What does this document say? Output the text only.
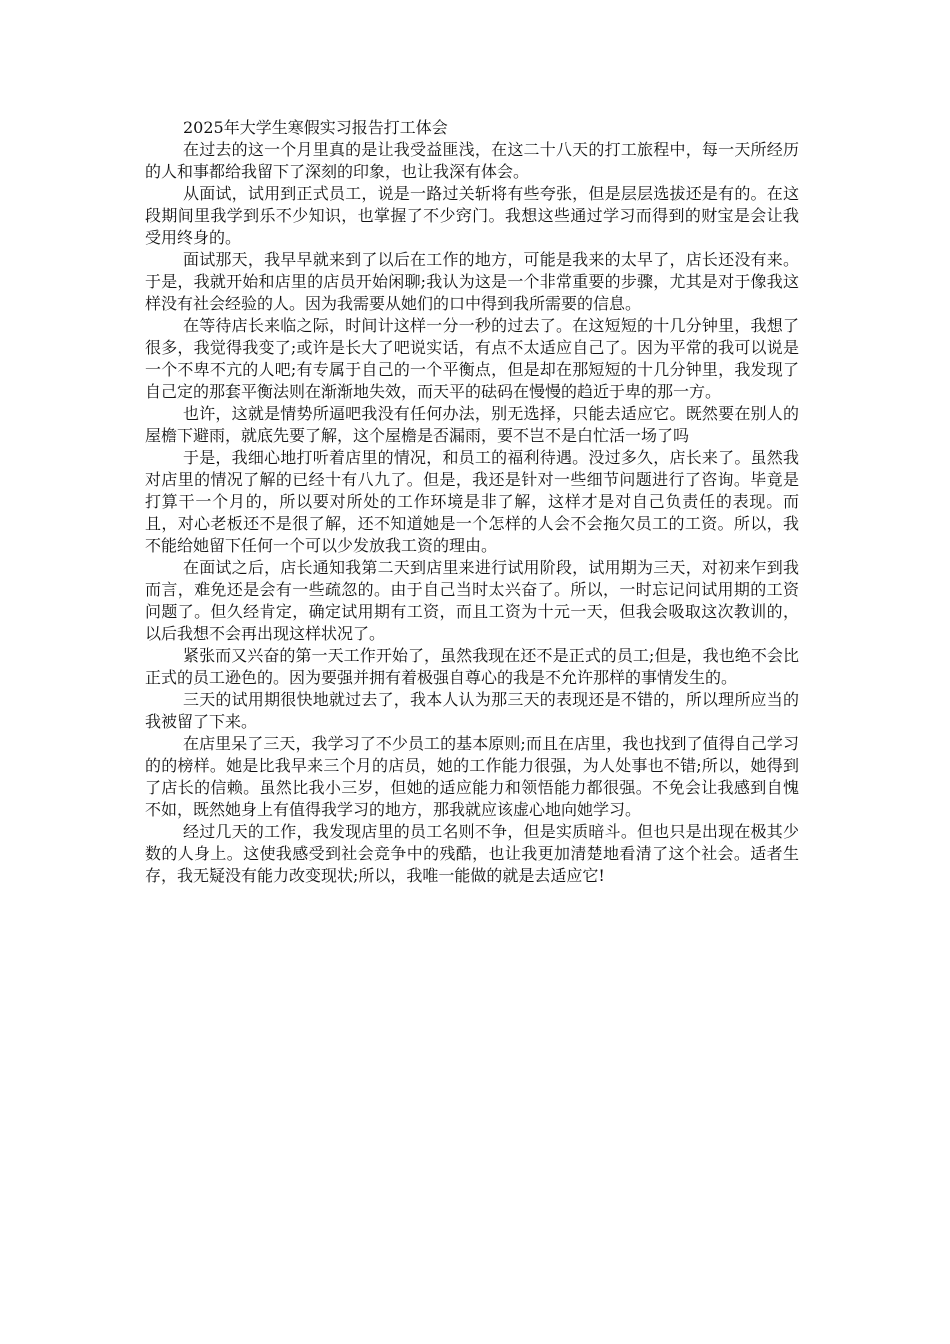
2025年大学生寒假实习报告打工体会

在过去的这一个月里真的是让我受益匪浅，在这二十八天的打工旅程中，每一天所经历的人和事都给我留下了深刻的印象，也让我深有体会。

从面试，试用到正式员工，说是一路过关斩将有些夸张，但是层层选拔还是有的。在这段期间里我学到乐不少知识，也掌握了不少窍门。我想这些通过学习而得到的财宝是会让我受用终身的。

面试那天，我早早就来到了以后在工作的地方，可能是我来的太早了，店长还没有来。于是，我就开始和店里的店员开始闲聊;我认为这是一个非常重要的步骤，尤其是对于像我这样没有社会经验的人。因为我需要从她们的口中得到我所需要的信息。

在等待店长来临之际，时间计这样一分一秒的过去了。在这短短的十几分钟里，我想了很多，我觉得我变了;或许是长大了吧说实话，有点不太适应自己了。因为平常的我可以说是一个不卑不亢的人吧;有专属于自己的一个平衡点，但是却在那短短的十几分钟里，我发现了自己定的那套平衡法则在渐渐地失效，而天平的砝码在慢慢的趋近于卑的那一方。

也许，这就是情势所逼吧我没有任何办法，别无选择，只能去适应它。既然要在别人的屋檐下避雨，就底先要了解，这个屋檐是否漏雨，要不岂不是白忙活一场了吗

于是，我细心地打听着店里的情况，和员工的福利待遇。没过多久，店长来了。虽然我对店里的情况了解的已经十有八九了。但是，我还是针对一些细节问题进行了咨询。毕竟是打算干一个月的，所以要对所处的工作环境是非了解，这样才是对自己负责任的表现。而且，对心老板还不是很了解，还不知道她是一个怎样的人会不会拖欠员工的工资。所以，我不能给她留下任何一个可以少发放我工资的理由。

在面试之后，店长通知我第二天到店里来进行试用阶段，试用期为三天，对初来乍到我而言，难免还是会有一些疏忽的。由于自己当时太兴奋了。所以，一时忘记问试用期的工资问题了。但久经肯定，确定试用期有工资，而且工资为十元一天，但我会吸取这次教训的，以后我想不会再出现这样状况了。

紧张而又兴奋的第一天工作开始了，虽然我现在还不是正式的员工;但是，我也绝不会比正式的员工逊色的。因为要强并拥有着极强自尊心的我是不允许那样的事情发生的。

三天的试用期很快地就过去了，我本人认为那三天的表现还是不错的，所以理所应当的我被留了下来。

在店里呆了三天，我学习了不少员工的基本原则;而且在店里，我也找到了值得自己学习的的榜样。她是比我早来三个月的店员，她的工作能力很强，为人处事也不错;所以，她得到了店长的信赖。虽然比我小三岁，但她的适应能力和领悟能力都很强。不免会让我感到自愧不如，既然她身上有值得我学习的地方，那我就应该虚心地向她学习。

经过几天的工作，我发现店里的员工名则不争，但是实质暗斗。但也只是出现在极其少数的人身上。这使我感受到社会竞争中的残酷，也让我更加清楚地看清了这个社会。适者生存，我无疑没有能力改变现状;所以，我唯一能做的就是去适应它!
